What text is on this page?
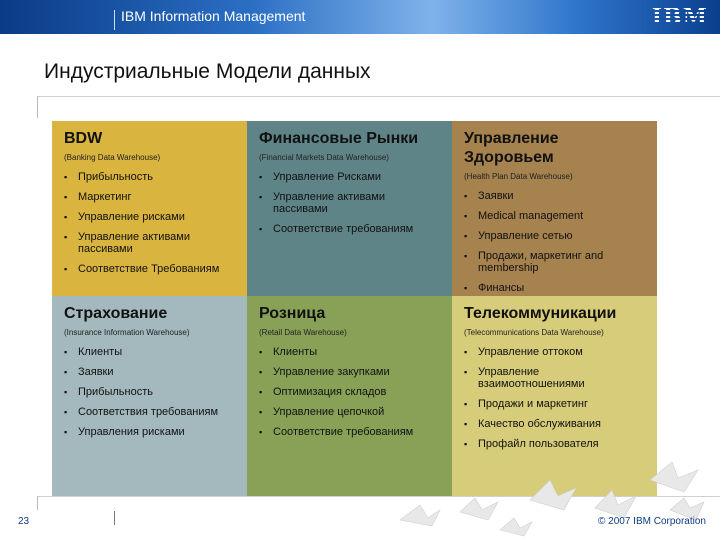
IBM Information Management	IBM
Индустриальные Модели данных
BDW
(Banking Data Warehouse)
▪ Прибыльность
▪ Маркетинг
▪ Управление рисками
▪ Управление активами пассивами
▪ Соответствие Требованиям
Финансовые Рынки
(Financial Markets Data Warehouse)
▪ Управление Рисками
▪ Управление активами пассивами
▪ Соответствие требованиям
Управление Здоровьем
(Health Plan Data Warehouse)
▪ Заявки
▪ Medical management
▪ Управление сетью
▪ Продажи, маркетинг and membership
▪ Финансы
Страхование
(Insurance Information Warehouse)
▪ Клиенты
▪ Заявки
▪ Прибыльность
▪ Соответствия требованиям
▪ Управления рисками
Розница
(Retail Data Warehouse)
▪ Клиенты
▪ Управление закупками
▪ Оптимизация складов
▪ Управление цепочкой
▪ Соответствие требованиям
Телекоммуникации
(Telecommunications Data Warehouse)
▪ Управление оттоком
▪ Управление взаимоотношениями
▪ Продажи и маркетинг
▪ Качество обслуживания
▪ Профайл пользователя
23	© 2007 IBM Corporation
